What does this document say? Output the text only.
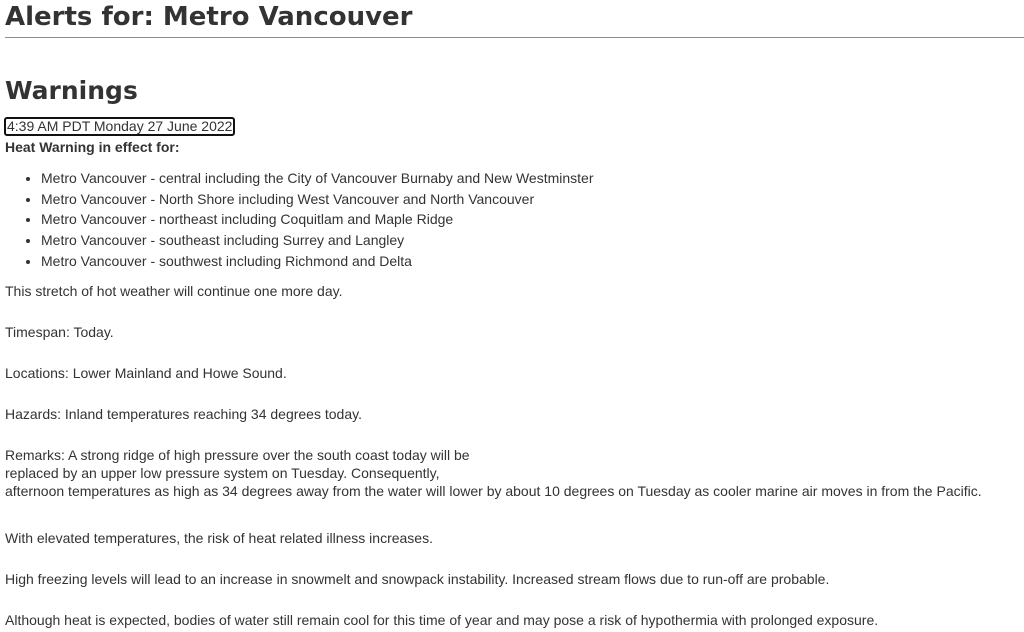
Alerts for: Metro Vancouver
Warnings
4:39 AM PDT Monday 27 June 2022
Heat Warning in effect for:
• Metro Vancouver - central including the City of Vancouver Burnaby and New Westminster
• Metro Vancouver - North Shore including West Vancouver and North Vancouver
• Metro Vancouver - northeast including Coquitlam and Maple Ridge
• Metro Vancouver - southeast including Surrey and Langley
• Metro Vancouver - southwest including Richmond and Delta

This stretch of hot weather will continue one more day.

Timespan: Today.

Locations: Lower Mainland and Howe Sound.

Hazards: Inland temperatures reaching 34 degrees today.

Remarks: A strong ridge of high pressure over the south coast today will be
replaced by an upper low pressure system on Tuesday. Consequently,
afternoon temperatures as high as 34 degrees away from the water will lower by about 10 degrees on Tuesday as cooler marine air moves in from the Pacific.

With elevated temperatures, the risk of heat related illness increases.

High freezing levels will lead to an increase in snowmelt and snowpack instability. Increased stream flows due to run-off are probable.

Although heat is expected, bodies of water still remain cool for this time of year and may pose a risk of hypothermia with prolonged exposure.
